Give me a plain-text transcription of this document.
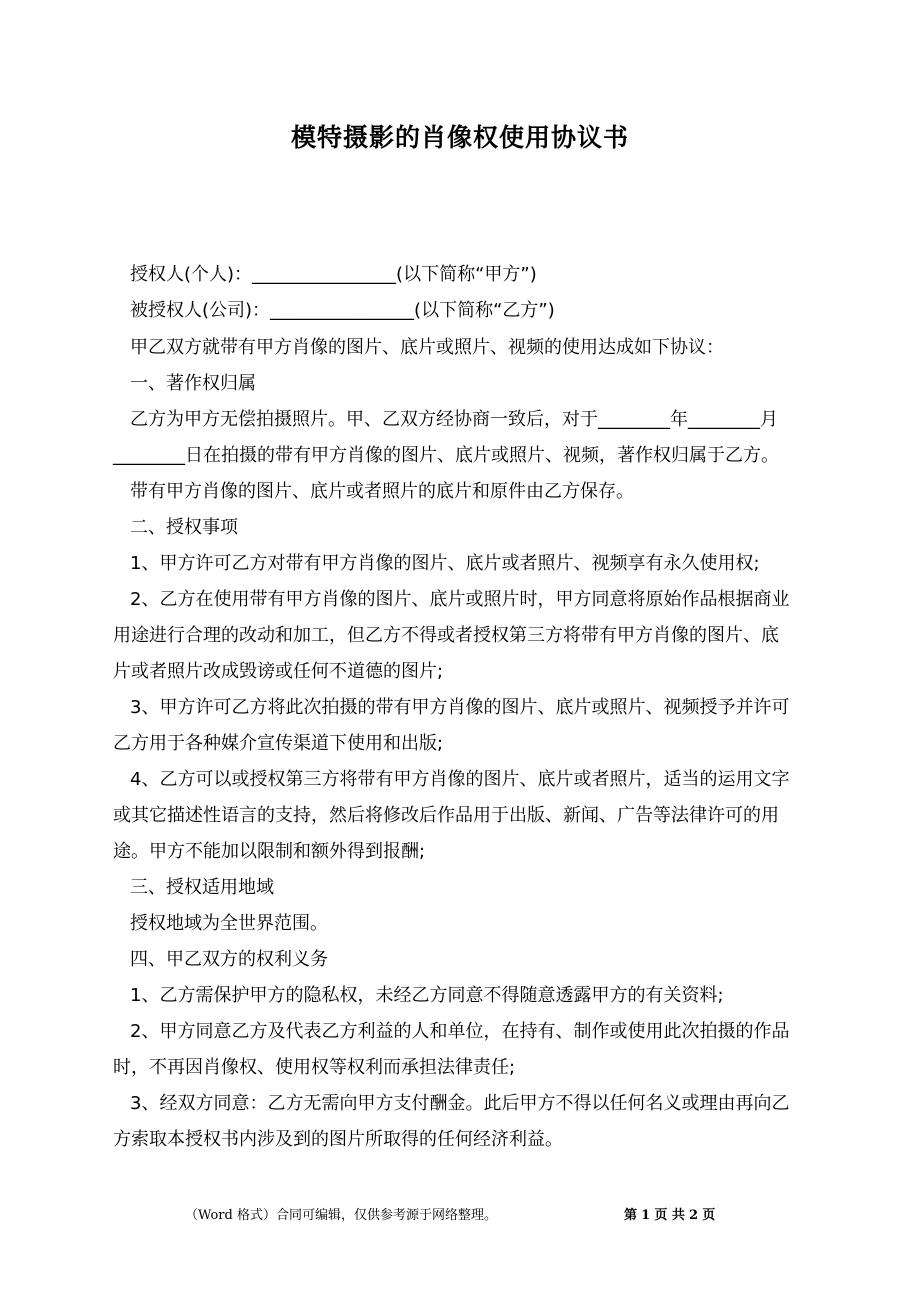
模特摄影的肖像权使用协议书
授权人(个人)：________________(以下简称“甲方”)
被授权人(公司)：________________(以下简称“乙方”)
甲乙双方就带有甲方肖像的图片、底片或照片、视频的使用达成如下协议：
一、著作权归属
乙方为甲方无偿拍摄照片。甲、乙双方经协商一致后，对于________年________月
________日在拍摄的带有甲方肖像的图片、底片或照片、视频，著作权归属于乙方。
带有甲方肖像的图片、底片或者照片的底片和原件由乙方保存。
二、授权事项
1、甲方许可乙方对带有甲方肖像的图片、底片或者照片、视频享有永久使用权;
2、乙方在使用带有甲方肖像的图片、底片或照片时，甲方同意将原始作品根据商业
用途进行合理的改动和加工，但乙方不得或者授权第三方将带有甲方肖像的图片、底
片或者照片改成毁谤或任何不道德的图片;
3、甲方许可乙方将此次拍摄的带有甲方肖像的图片、底片或照片、视频授予并许可
乙方用于各种媒介宣传渠道下使用和出版;
4、乙方可以或授权第三方将带有甲方肖像的图片、底片或者照片，适当的运用文字
或其它描述性语言的支持，然后将修改后作品用于出版、新闻、广告等法律许可的用
途。甲方不能加以限制和额外得到报酬;
三、授权适用地域
授权地域为全世界范围。
四、甲乙双方的权利义务
1、乙方需保护甲方的隐私权，未经乙方同意不得随意透露甲方的有关资料;
2、甲方同意乙方及代表乙方利益的人和单位，在持有、制作或使用此次拍摄的作品
时，不再因肖像权、使用权等权利而承担法律责任;
3、经双方同意：乙方无需向甲方支付酬金。此后甲方不得以任何名义或理由再向乙
方索取本授权书内涉及到的图片所取得的任何经济利益。
（Word 格式）合同可编辑，仅供参考源于网络整理。	第 1 页 共 2 页
